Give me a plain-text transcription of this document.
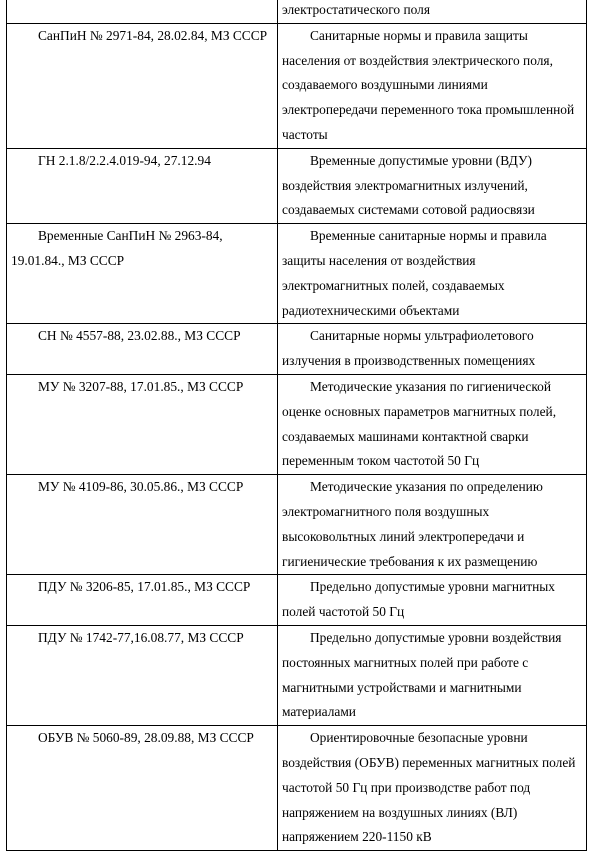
	электростатического поля
СанПиН № 2971-84, 28.02.84, МЗ СССР	Санитарные нормы и правила защиты населения от воздействия электрического поля, создаваемого воздушными линиями электропередачи переменного тока промышленной частоты
ГН 2.1.8/2.2.4.019-94, 27.12.94	Временные допустимые уровни (ВДУ) воздействия электромагнитных излучений, создаваемых системами сотовой радиосвязи
Временные СанПиН № 2963-84, 19.01.84., МЗ СССР	Временные санитарные нормы и правила защиты населения от воздействия электромагнитных полей, создаваемых радиотехническими объектами
СН № 4557-88, 23.02.88., МЗ СССР	Санитарные нормы ультрафиолетового излучения в производственных помещениях
МУ № 3207-88, 17.01.85., МЗ СССР	Методические указания по гигиенической оценке основных параметров магнитных полей, создаваемых машинами контактной сварки переменным током частотой 50 Гц
МУ № 4109-86, 30.05.86., МЗ СССР	Методические указания по определению электромагнитного поля воздушных высоковольтных линий электропередачи и гигиенические требования к их размещению
ПДУ № 3206-85, 17.01.85., МЗ СССР	Предельно допустимые уровни магнитных полей частотой 50 Гц
ПДУ № 1742-77,16.08.77, МЗ СССР	Предельно допустимые уровни воздействия постоянных магнитных полей при работе с магнитными устройствами и магнитными материалами
ОБУВ № 5060-89, 28.09.88, МЗ СССР	Ориентировочные безопасные уровни воздействия (ОБУВ) переменных магнитных полей частотой 50 Гц при производстве работ под напряжением на воздушных линиях (ВЛ) напряжением 220-1150 кВ
